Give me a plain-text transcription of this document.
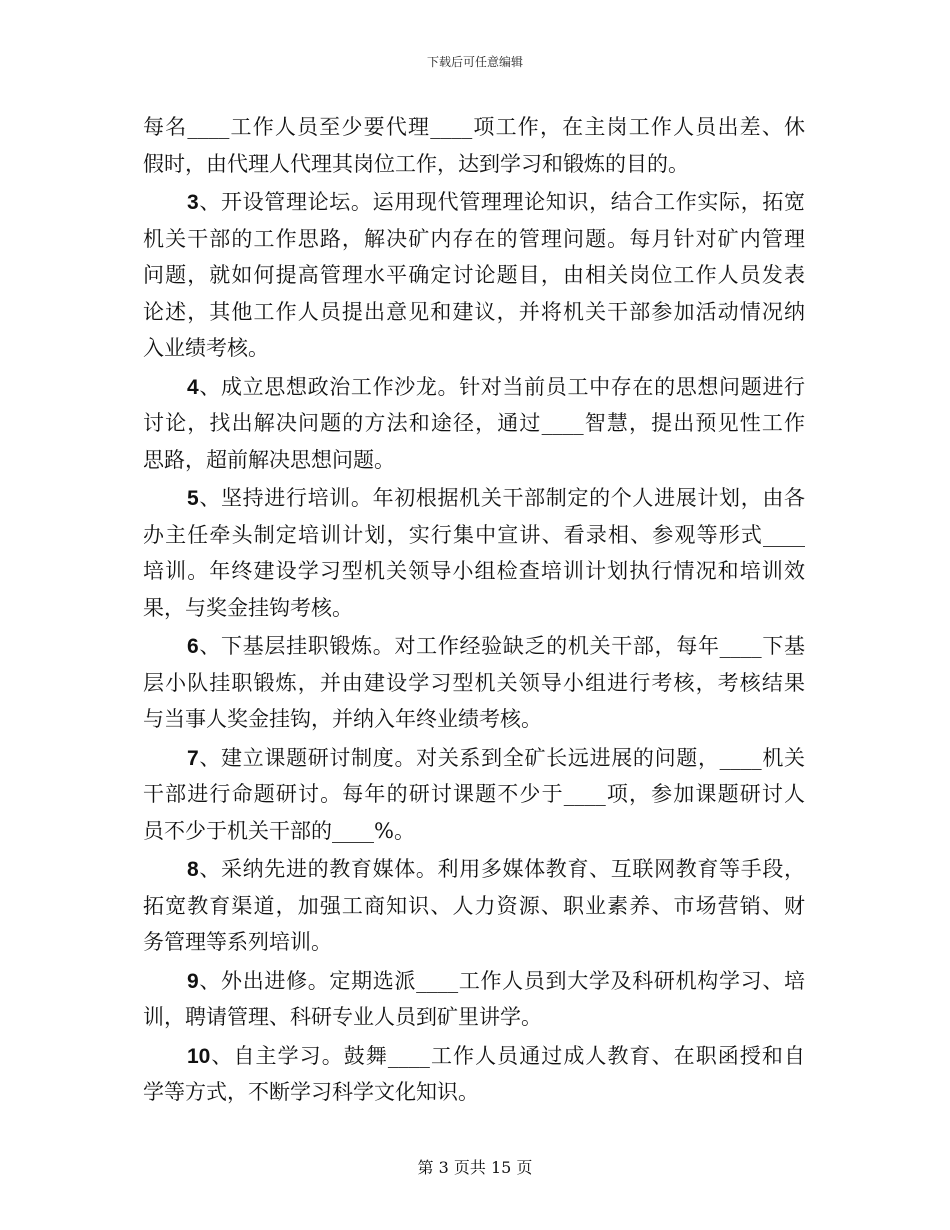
下载后可任意编辑
每名____工作人员至少要代理____项工作，在主岗工作人员出差、休
假时，由代理人代理其岗位工作，达到学习和锻炼的目的。
3、开设管理论坛。运用现代管理理论知识，结合工作实际，拓宽
机关干部的工作思路，解决矿内存在的管理问题。每月针对矿内管理
问题，就如何提高管理水平确定讨论题目，由相关岗位工作人员发表
论述，其他工作人员提出意见和建议，并将机关干部参加活动情况纳
入业绩考核。
4、成立思想政治工作沙龙。针对当前员工中存在的思想问题进行
讨论，找出解决问题的方法和途径，通过____智慧，提出预见性工作
思路，超前解决思想问题。
5、坚持进行培训。年初根据机关干部制定的个人进展计划，由各
办主任牵头制定培训计划，实行集中宣讲、看录相、参观等形式____
培训。年终建设学习型机关领导小组检查培训计划执行情况和培训效
果，与奖金挂钩考核。
6、下基层挂职锻炼。对工作经验缺乏的机关干部，每年____下基
层小队挂职锻炼，并由建设学习型机关领导小组进行考核，考核结果
与当事人奖金挂钩，并纳入年终业绩考核。
7、建立课题研讨制度。对关系到全矿长远进展的问题，____机关
干部进行命题研讨。每年的研讨课题不少于____项，参加课题研讨人
员不少于机关干部的____%。
8、采纳先进的教育媒体。利用多媒体教育、互联网教育等手段，
拓宽教育渠道，加强工商知识、人力资源、职业素养、市场营销、财
务管理等系列培训。
9、外出进修。定期选派____工作人员到大学及科研机构学习、培
训，聘请管理、科研专业人员到矿里讲学。
10、自主学习。鼓舞____工作人员通过成人教育、在职函授和自
学等方式，不断学习科学文化知识。
第 3 页共 15 页
